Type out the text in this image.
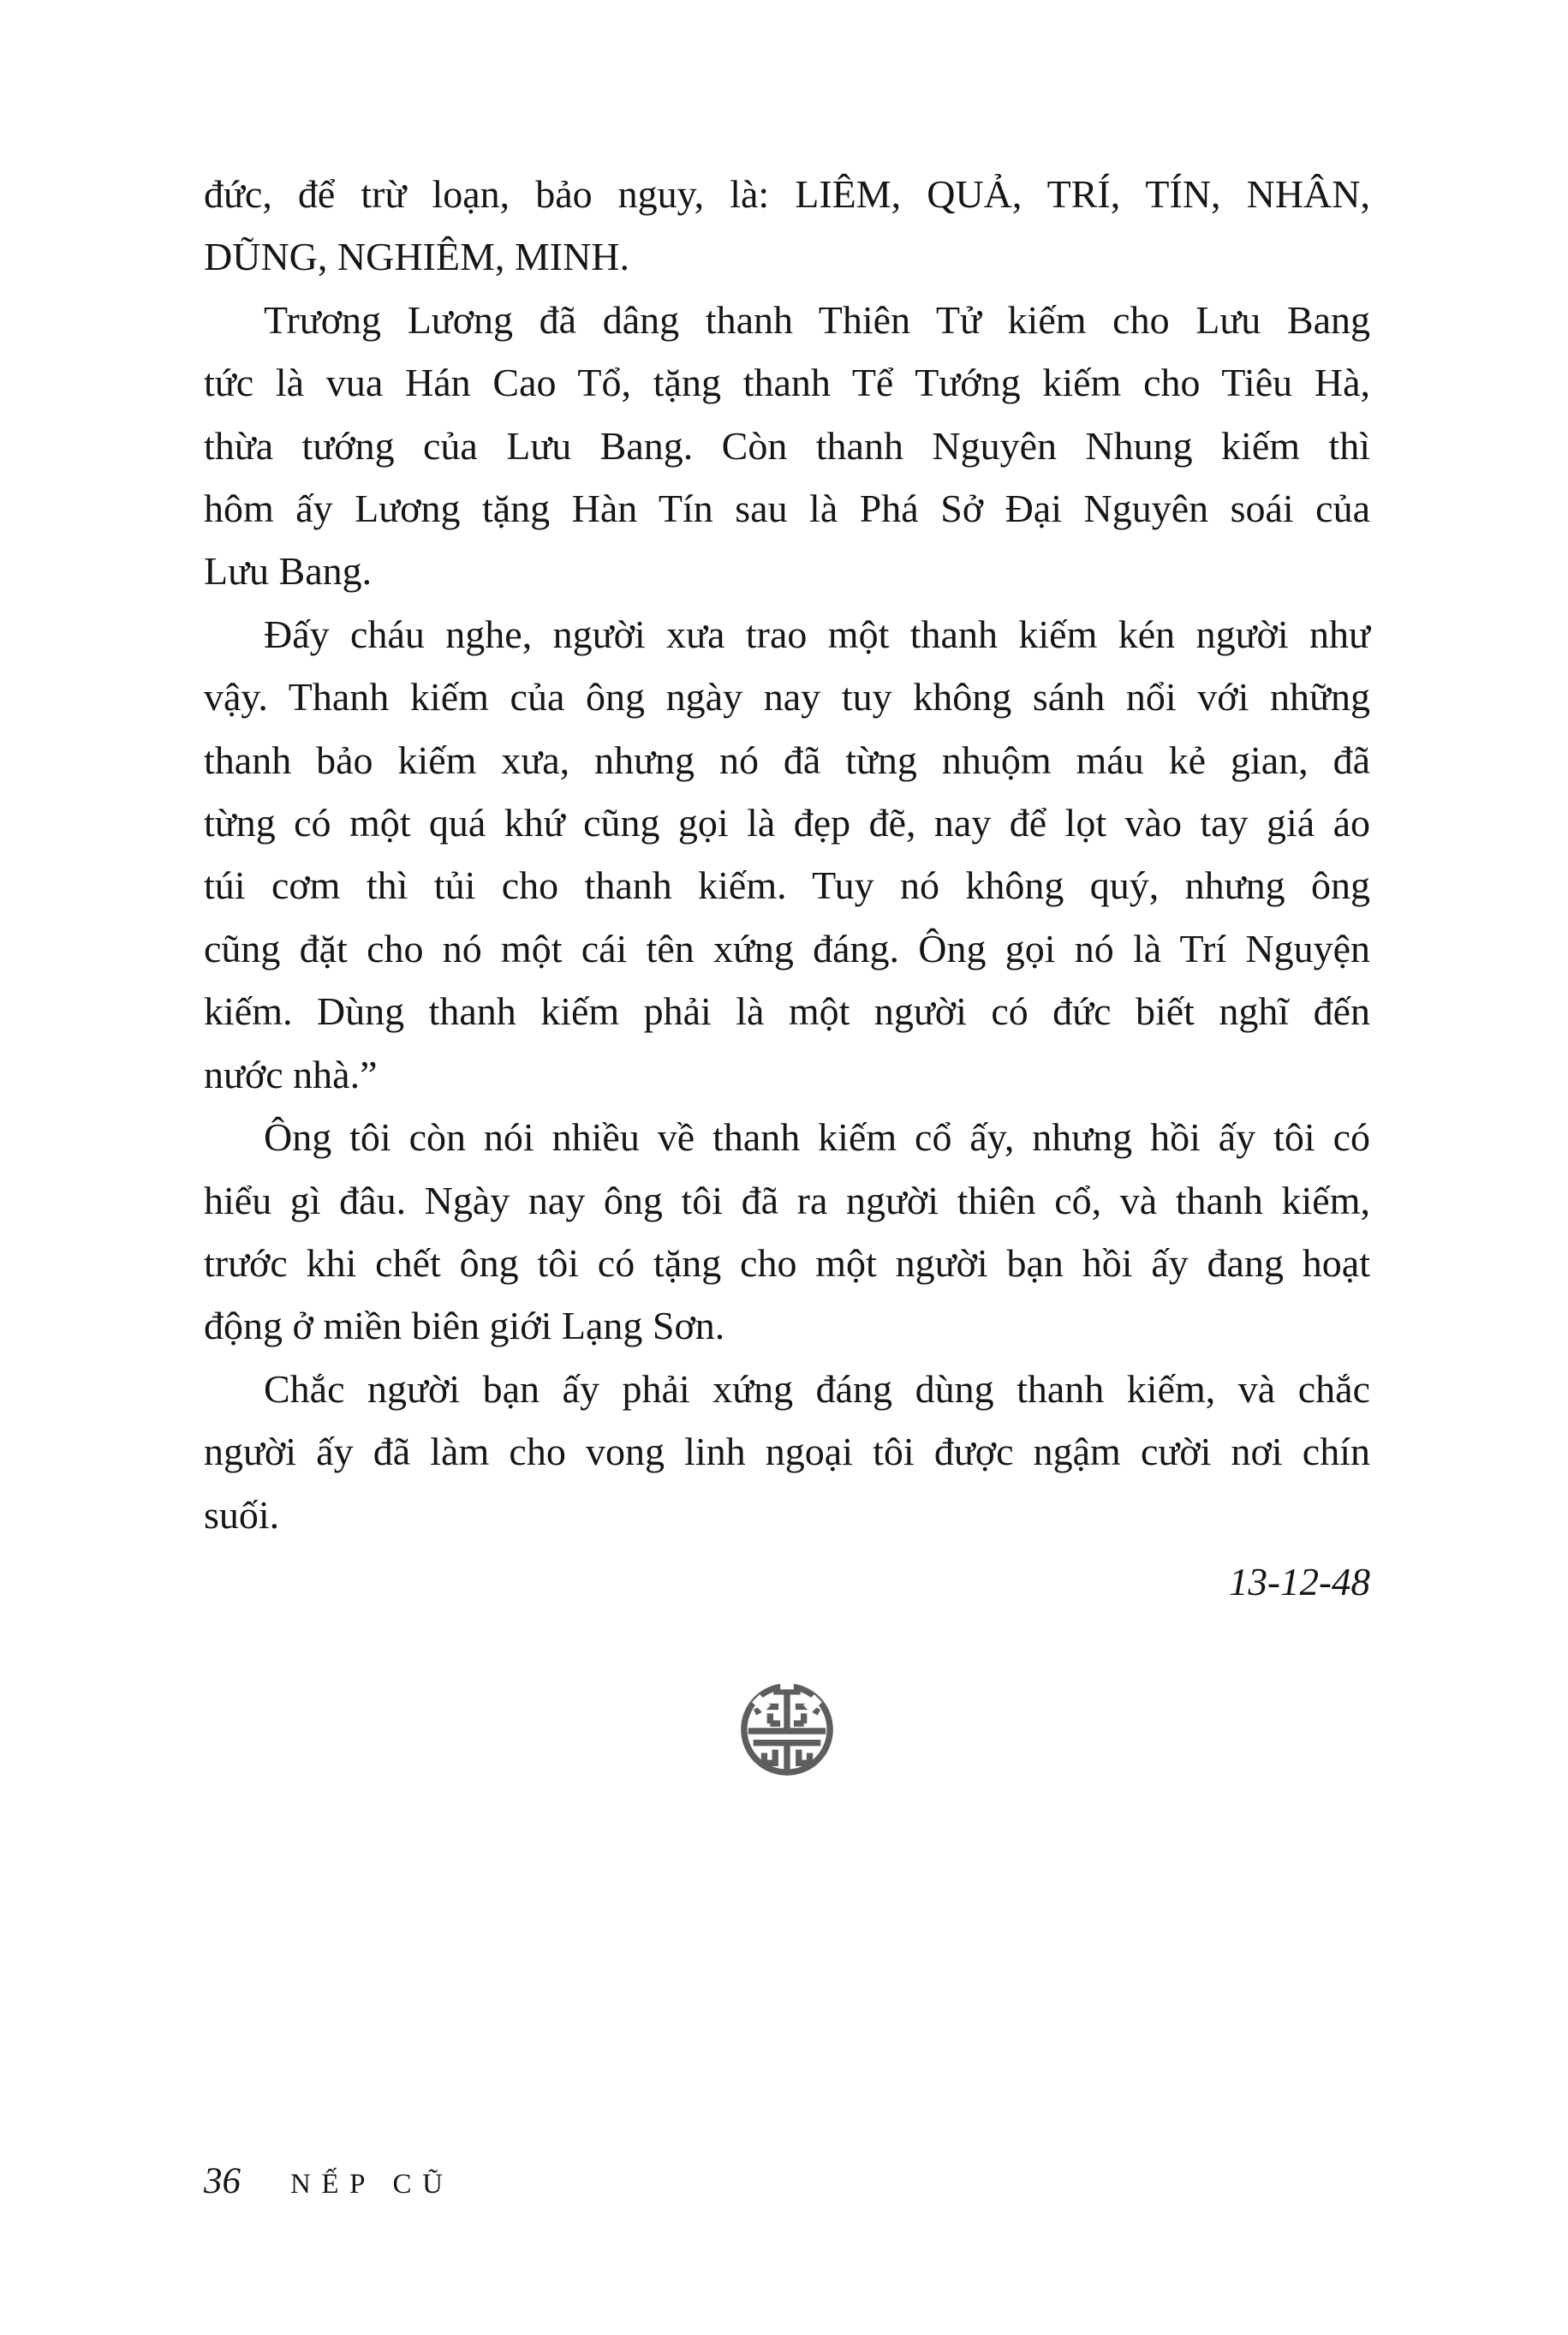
đức, để trừ loạn, bảo nguy, là: LIÊM, QUẢ, TRÍ, TÍN, NHÂN,
DŨNG, NGHIÊM, MINH.
Trương Lương đã dâng thanh Thiên Tử kiếm cho Lưu Bang
tức là vua Hán Cao Tổ, tặng thanh Tể Tướng kiếm cho Tiêu Hà,
thừa tướng của Lưu Bang. Còn thanh Nguyên Nhung kiếm thì
hôm ấy Lương tặng Hàn Tín sau là Phá Sở Đại Nguyên soái của
Lưu Bang.
Đấy cháu nghe, người xưa trao một thanh kiếm kén người như
vậy. Thanh kiếm của ông ngày nay tuy không sánh nổi với những
thanh bảo kiếm xưa, nhưng nó đã từng nhuộm máu kẻ gian, đã
từng có một quá khứ cũng gọi là đẹp đẽ, nay để lọt vào tay giá áo
túi cơm thì tủi cho thanh kiếm. Tuy nó không quý, nhưng ông
cũng đặt cho nó một cái tên xứng đáng. Ông gọi nó là Trí Nguyện
kiếm. Dùng thanh kiếm phải là một người có đức biết nghĩ đến
nước nhà.”
Ông tôi còn nói nhiều về thanh kiếm cổ ấy, nhưng hồi ấy tôi có
hiểu gì đâu. Ngày nay ông tôi đã ra người thiên cổ, và thanh kiếm,
trước khi chết ông tôi có tặng cho một người bạn hồi ấy đang hoạt
động ở miền biên giới Lạng Sơn.
Chắc người bạn ấy phải xứng đáng dùng thanh kiếm, và chắc
người ấy đã làm cho vong linh ngoại tôi được ngậm cười nơi chín
suối.
13-12-48
36 NẾP CŨ
